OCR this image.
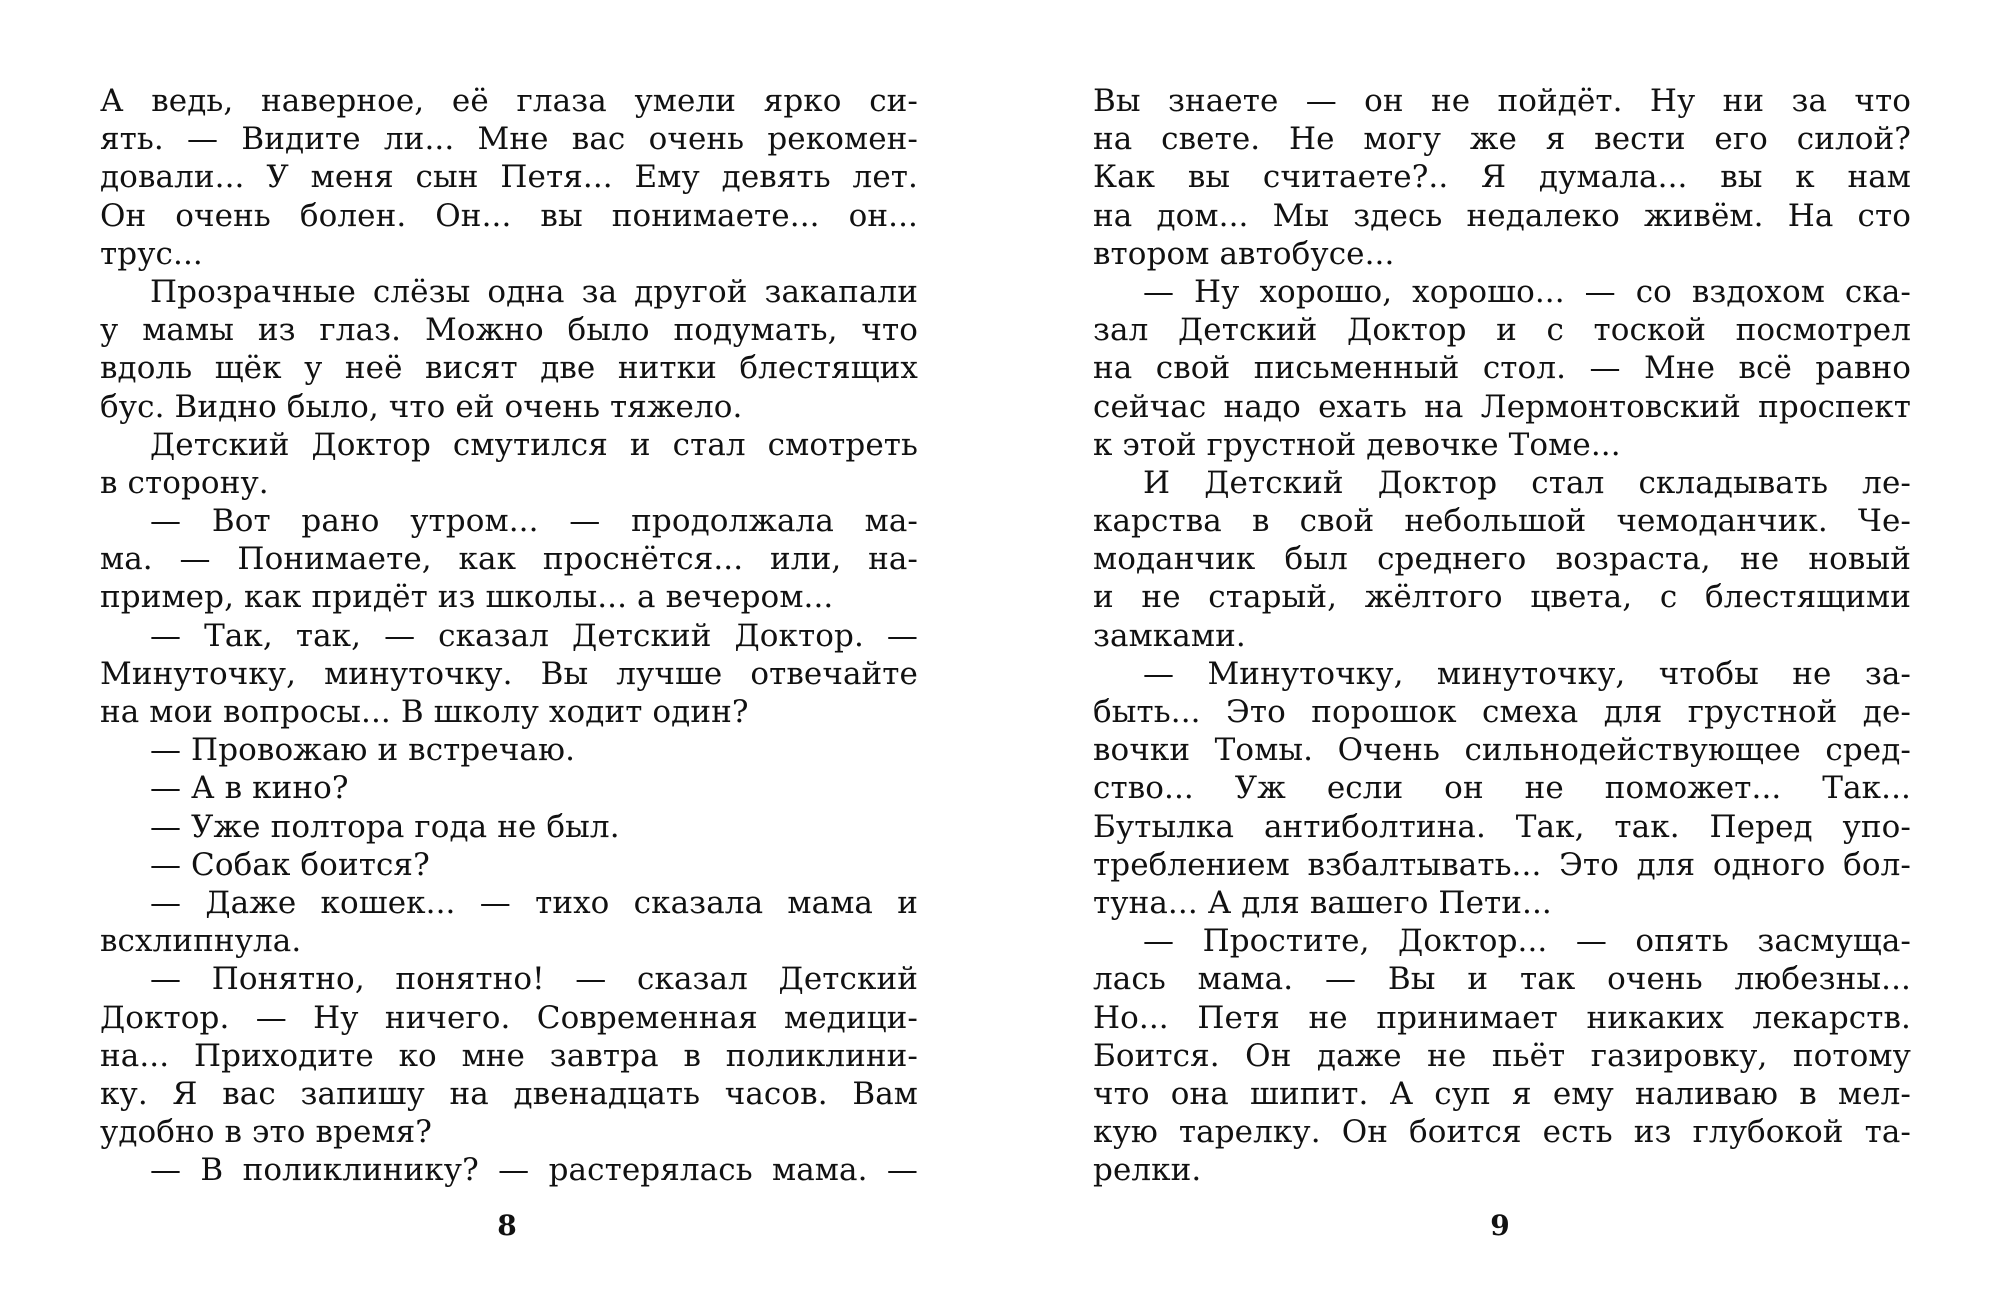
А ведь, наверное, её глаза умели ярко си-
ять. — Видите ли... Мне вас очень рекомен-
довали... У меня сын Петя... Ему девять лет.
Он очень болен. Он... вы понимаете... он...
трус...
Прозрачные слёзы одна за другой закапали
у мамы из глаз. Можно было подумать, что
вдоль щёк у неё висят две нитки блестящих
бус. Видно было, что ей очень тяжело.
Детский Доктор смутился и стал смотреть
в сторону.
— Вот рано утром... — продолжала ма-
ма. — Понимаете, как проснётся... или, на-
пример, как придёт из школы... а вечером...
— Так, так, — сказал Детский Доктор. —
Минуточку, минуточку. Вы лучше отвечайте
на мои вопросы... В школу ходит один?
— Провожаю и встречаю.
— А в кино?
— Уже полтора года не был.
— Собак боится?
— Даже кошек... — тихо сказала мама и
всхлипнула.
— Понятно, понятно! — сказал Детский
Доктор. — Ну ничего. Современная медици-
на... Приходите ко мне завтра в поликлини-
ку. Я вас запишу на двенадцать часов. Вам
удобно в это время?
— В поликлинику? — растерялась мама. —
Вы знаете — он не пойдёт. Ну ни за что
на свете. Не могу же я вести его силой?
Как вы считаете?.. Я думала... вы к нам
на дом... Мы здесь недалеко живём. На сто
втором автобусе...
— Ну хорошо, хорошо... — со вздохом ска-
зал Детский Доктор и с тоской посмотрел
на свой письменный стол. — Мне всё равно
сейчас надо ехать на Лермонтовский проспект
к этой грустной девочке Томе...
И Детский Доктор стал складывать ле-
карства в свой небольшой чемоданчик. Че-
моданчик был среднего возраста, не новый
и не старый, жёлтого цвета, с блестящими
замками.
— Минуточку, минуточку, чтобы не за-
быть... Это порошок смеха для грустной де-
вочки Томы. Очень сильнодействующее сред-
ство... Уж если он не поможет... Так...
Бутылка антиболтина. Так, так. Перед упо-
треблением взбалтывать... Это для одного бол-
туна... А для вашего Пети...
— Простите, Доктор... — опять засмуща-
лась мама. — Вы и так очень любезны...
Но... Петя не принимает никаких лекарств.
Боится. Он даже не пьёт газировку, потому
что она шипит. А суп я ему наливаю в мел-
кую тарелку. Он боится есть из глубокой та-
релки.
8	9
